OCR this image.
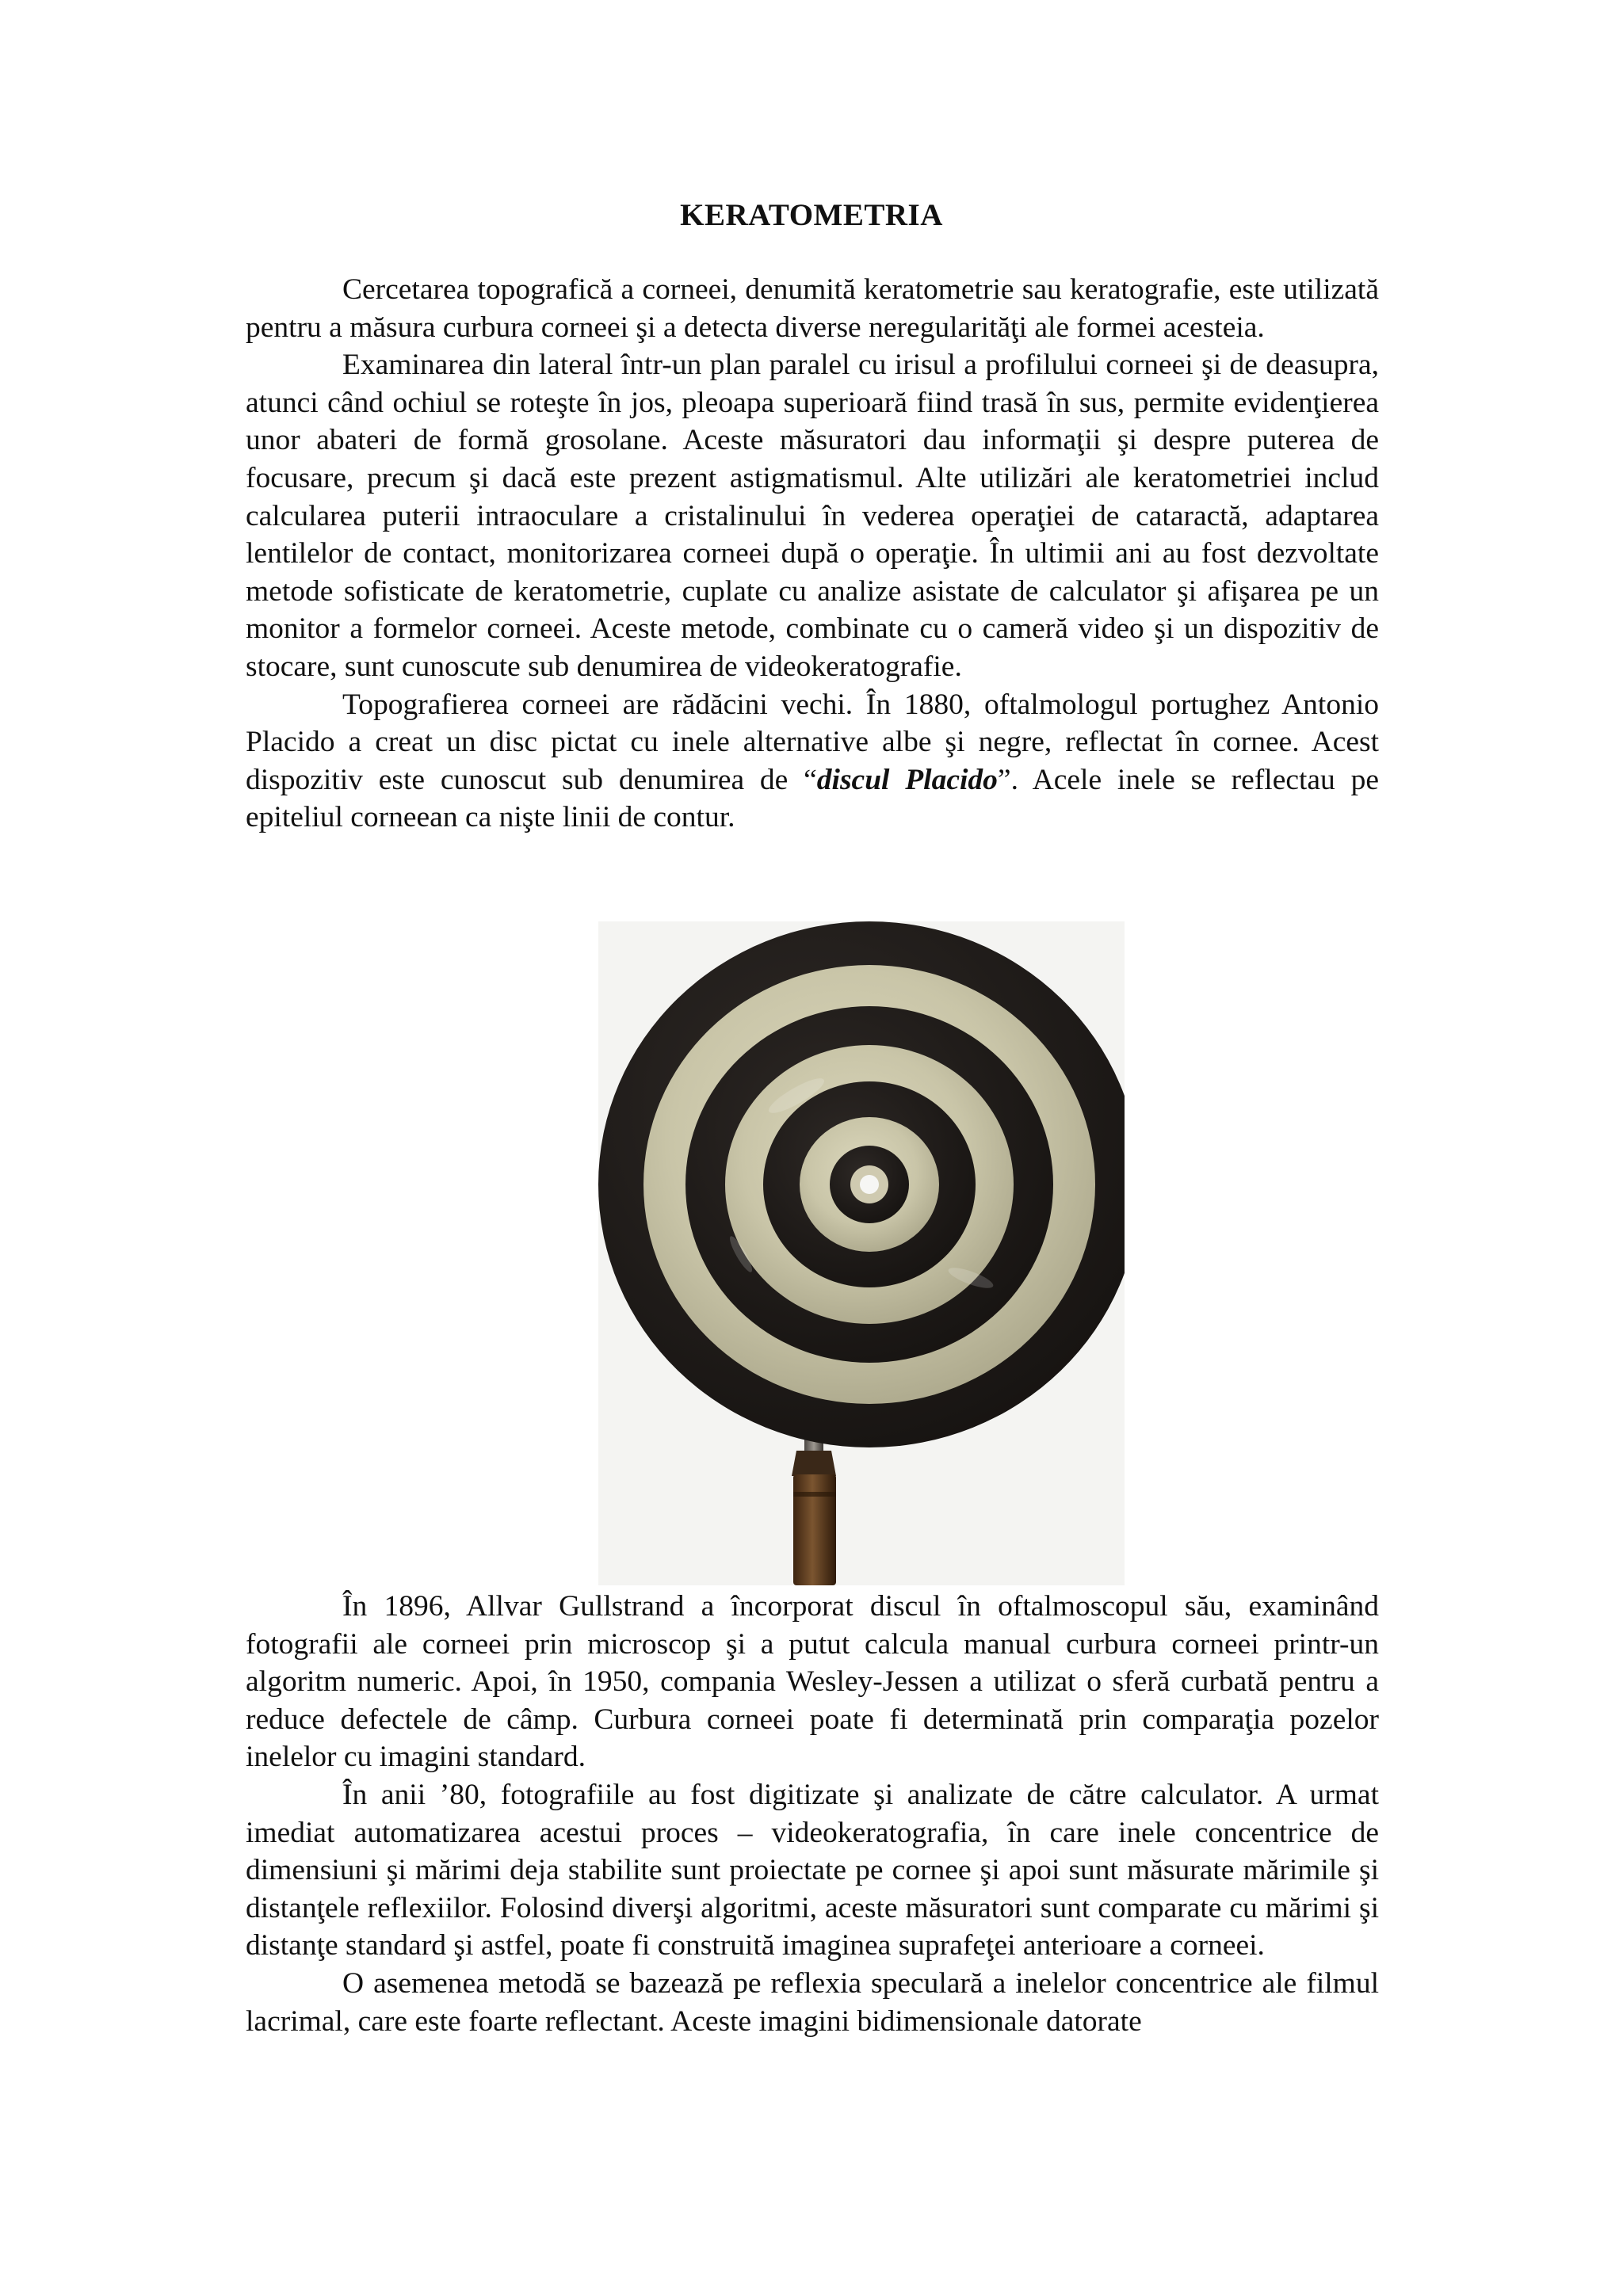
KERATOMETRIA

Cercetarea topografică a corneei, denumită keratometrie sau keratografie, este utilizată pentru a măsura curbura corneei şi a detecta diverse neregularităţi ale formei acesteia.

Examinarea din lateral într-un plan paralel cu irisul a profilului corneei şi de deasupra, atunci când ochiul se roteşte în jos, pleoapa superioară fiind trasă în sus, permite evidenţierea unor abateri de formă grosolane. Aceste măsuratori dau informaţii şi despre puterea de focusare, precum şi dacă este prezent astigmatismul. Alte utilizări ale keratometriei includ calcularea puterii intraoculare a cristalinului în vederea operaţiei de cataractă, adaptarea lentilelor de contact, monitorizarea corneei după o operaţie. În ultimii ani au fost dezvoltate metode sofisticate de keratometrie, cuplate cu analize asistate de calculator şi afişarea pe un monitor a formelor corneei. Aceste metode, combinate cu o cameră video şi un dispozitiv de stocare, sunt cunoscute sub denumirea de videokeratografie.

Topografierea corneei are rădăcini vechi. În 1880, oftalmologul portughez Antonio Placido a creat un disc pictat cu inele alternative albe şi negre, reflectat în cornee. Acest dispozitiv este cunoscut sub denumirea de “discul Placido”. Acele inele se reflectau pe epiteliul corneean ca nişte linii de contur.

În 1896, Allvar Gullstrand a încorporat discul în oftalmoscopul său, examinând fotografii ale corneei prin microscop şi a putut calcula manual curbura corneei printr-un algoritm numeric. Apoi, în 1950, compania Wesley-Jessen a utilizat o sferă curbată pentru a reduce defectele de câmp. Curbura corneei poate fi determinată prin comparaţia pozelor inelelor cu imagini standard.

În anii ’80, fotografiile au fost digitizate şi analizate de către calculator. A urmat imediat automatizarea acestui proces – videokeratografia, în care inele concentrice de dimensiuni şi mărimi deja stabilite sunt proiectate pe cornee şi apoi sunt măsurate mărimile şi distanţele reflexiilor. Folosind diverşi algoritmi, aceste măsuratori sunt comparate cu mărimi şi distanţe standard şi astfel, poate fi construită imaginea suprafeţei anterioare a corneei.

O asemenea metodă se bazează pe reflexia speculară a inelelor concentrice ale filmul lacrimal, care este foarte reflectant. Aceste imagini bidimensionale datorate
